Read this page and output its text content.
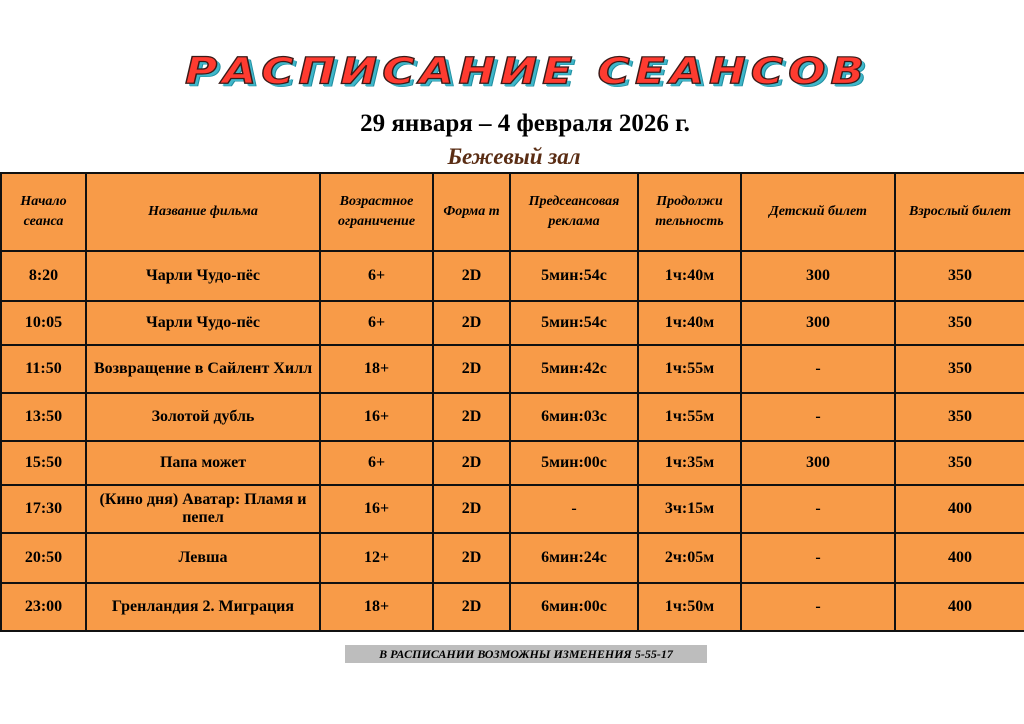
РАСПИСАНИЕ СЕАНСОВ
29 января – 4 февраля 2026 г.
Бежевый зал
Начало сеанса	Название фильма	Возрастное ограничение	Форма т	Предсеансовая реклама	Продолжи тельность	Детский билет	Взрослый билет
8:20	Чарли Чудо-пёс	6+	2D	5мин:54с	1ч:40м	300	350
10:05	Чарли Чудо-пёс	6+	2D	5мин:54с	1ч:40м	300	350
11:50	Возвращение в Сайлент Хилл	18+	2D	5мин:42с	1ч:55м	-	350
13:50	Золотой дубль	16+	2D	6мин:03с	1ч:55м	-	350
15:50	Папа может	6+	2D	5мин:00с	1ч:35м	300	350
17:30	(Кино дня) Аватар: Пламя и пепел	16+	2D	-	3ч:15м	-	400
20:50	Левша	12+	2D	6мин:24с	2ч:05м	-	400
23:00	Гренландия 2. Миграция	18+	2D	6мин:00с	1ч:50м	-	400
В РАСПИСАНИИ ВОЗМОЖНЫ ИЗМЕНЕНИЯ 5-55-17
